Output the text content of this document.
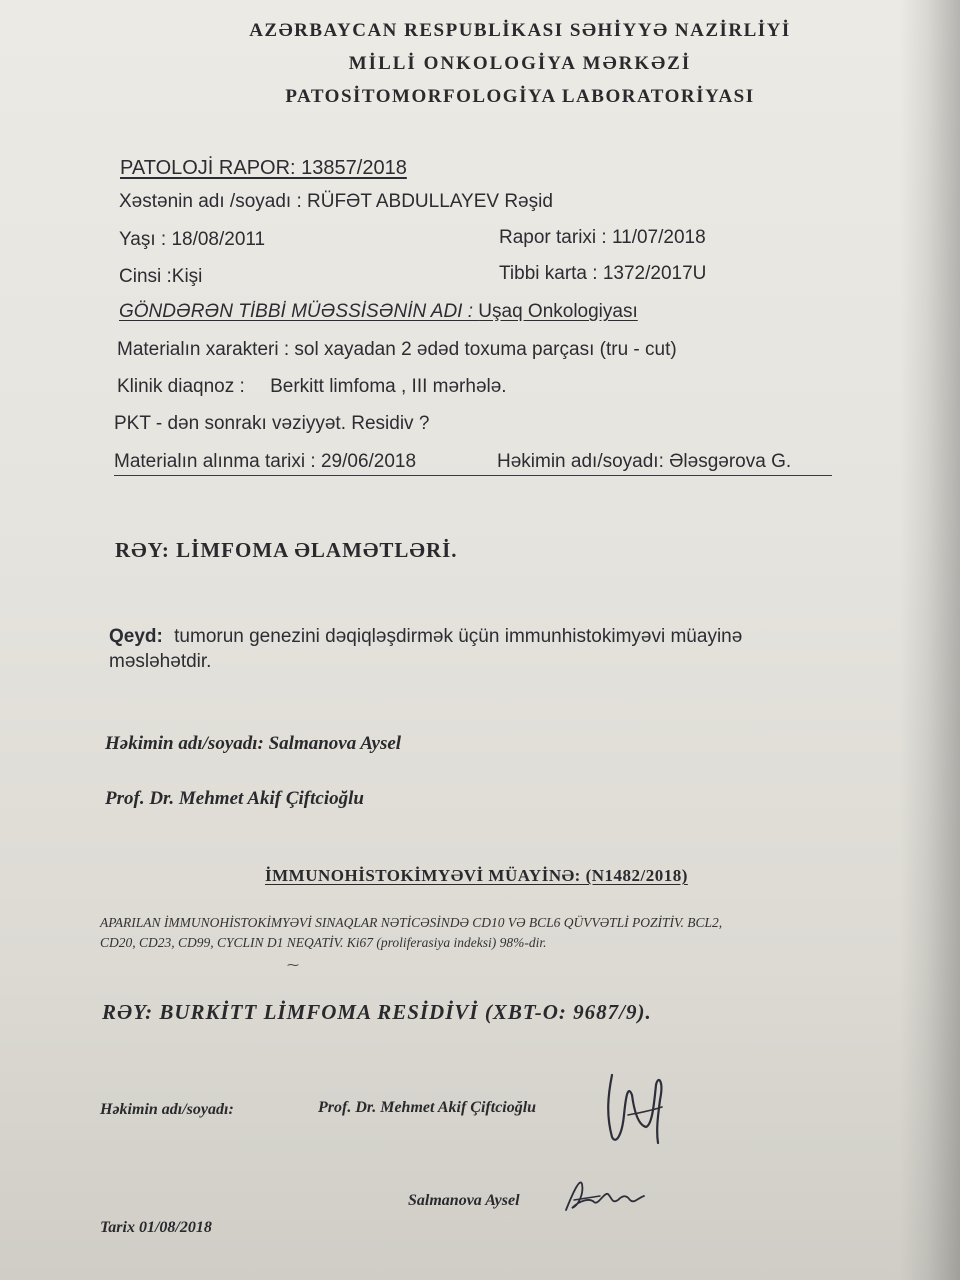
AZƏRBAYCAN RESPUBLİKASI SƏHİYYƏ NAZİRLİYİ
MİLLİ ONKOLOGİYA MƏRKƏZİ
PATOSİTOMORFOLOGİYA LABORATORİYASI
PATOLOJİ RAPOR: 13857/2018
Xəstənin adı /soyadı : RÜFƏT ABDULLAYEV Rəşid
Yaşı : 18/08/2011	Rapor tarixi : 11/07/2018
Cinsi :Kişi	Tibbi karta : 1372/2017U
GÖNDƏRƏN TİBBİ MÜƏSSİSƏNİN ADI : Uşaq Onkologiyası
Materialın xarakteri : sol xayadan 2 ədəd toxuma parçası (tru - cut)
Klinik diaqnoz : Berkitt limfoma , III mərhələ.
PKT - dən sonrakı vəziyyət. Residiv ?
Materialın alınma tarixi : 29/06/2018	Həkimin adı/soyadı: Ələsgərova G.
RƏY: LİMFOMA ƏLAMƏTLƏRİ.
Qeyd: tumorun genezini dəqiqləşdirmək üçün immunhistokimyəvi müayinə
məsləhətdir.
Həkimin adı/soyadı: Salmanova Aysel
Prof. Dr. Mehmet Akif Çiftcioğlu
İMMUNOHİSTOKİMYƏVİ MÜAYİNƏ: (N1482/2018)
APARILAN İMMUNOHİSTOKİMYƏVİ SINAQLAR NƏTİCƏSİNDƏ CD10 VƏ BCL6 QÜVVƏTLİ POZİTİV. BCL2,
CD20, CD23, CD99, CYCLIN D1 NEQATİV. Ki67 (proliferasiya indeksi) 98%-dir.
⁓
RƏY: BURKİTT LİMFOMA RESİDİVİ (XBT-O: 9687/9).
Həkimin adı/soyadı:	Prof. Dr. Mehmet Akif Çiftcioğlu
Salmanova Aysel
Tarix 01/08/2018
